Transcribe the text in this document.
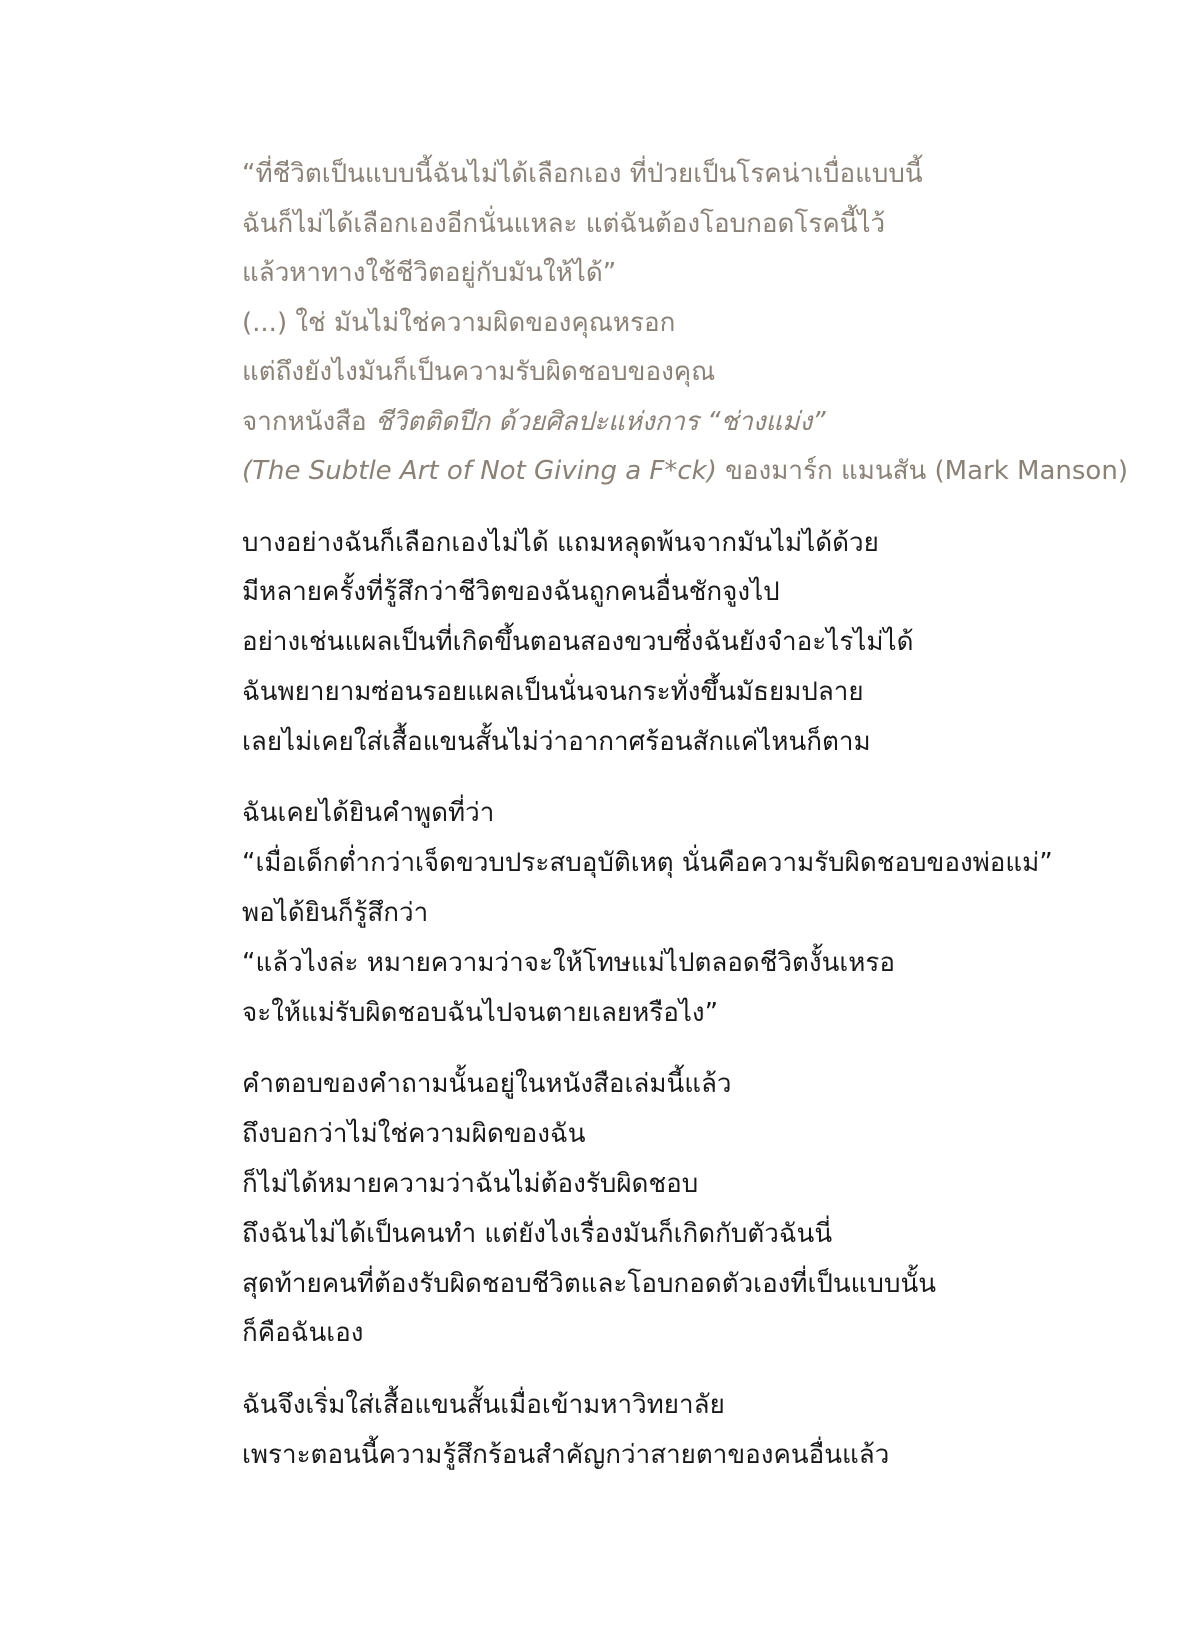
“ที่ชีวิตเป็นแบบนี้ฉันไม่ได้เลือกเอง ที่ป่วยเป็นโรคน่าเบื่อแบบนี้
ฉันก็ไม่ได้เลือกเองอีกนั่นแหละ แต่ฉันต้องโอบกอดโรคนี้ไว้
แล้วหาทางใช้ชีวิตอยู่กับมันให้ได้”
(...) ใช่ มันไม่ใช่ความผิดของคุณหรอก
แต่ถึงยังไงมันก็เป็นความรับผิดชอบของคุณ
จากหนังสือ ชีวิตติดปีก ด้วยศิลปะแห่งการ “ช่างแม่ง”
(The Subtle Art of Not Giving a F*ck) ของมาร์ก แมนสัน (Mark Manson)
บางอย่างฉันก็เลือกเองไม่ได้ แถมหลุดพ้นจากมันไม่ได้ด้วย
มีหลายครั้งที่รู้สึกว่าชีวิตของฉันถูกคนอื่นชักจูงไป
อย่างเช่นแผลเป็นที่เกิดขึ้นตอนสองขวบซึ่งฉันยังจำอะไรไม่ได้
ฉันพยายามซ่อนรอยแผลเป็นนั่นจนกระทั่งขึ้นมัธยมปลาย
เลยไม่เคยใส่เสื้อแขนสั้นไม่ว่าอากาศร้อนสักแค่ไหนก็ตาม
ฉันเคยได้ยินคำพูดที่ว่า
“เมื่อเด็กต่ำกว่าเจ็ดขวบประสบอุบัติเหตุ นั่นคือความรับผิดชอบของพ่อแม่”
พอได้ยินก็รู้สึกว่า
“แล้วไงล่ะ หมายความว่าจะให้โทษแม่ไปตลอดชีวิตงั้นเหรอ
จะให้แม่รับผิดชอบฉันไปจนตายเลยหรือไง”
คำตอบของคำถามนั้นอยู่ในหนังสือเล่มนี้แล้ว
ถึงบอกว่าไม่ใช่ความผิดของฉัน
ก็ไม่ได้หมายความว่าฉันไม่ต้องรับผิดชอบ
ถึงฉันไม่ได้เป็นคนทำ แต่ยังไงเรื่องมันก็เกิดกับตัวฉันนี่
สุดท้ายคนที่ต้องรับผิดชอบชีวิตและโอบกอดตัวเองที่เป็นแบบนั้น
ก็คือฉันเอง
ฉันจึงเริ่มใส่เสื้อแขนสั้นเมื่อเข้ามหาวิทยาลัย
เพราะตอนนี้ความรู้สึกร้อนสำคัญกว่าสายตาของคนอื่นแล้ว
